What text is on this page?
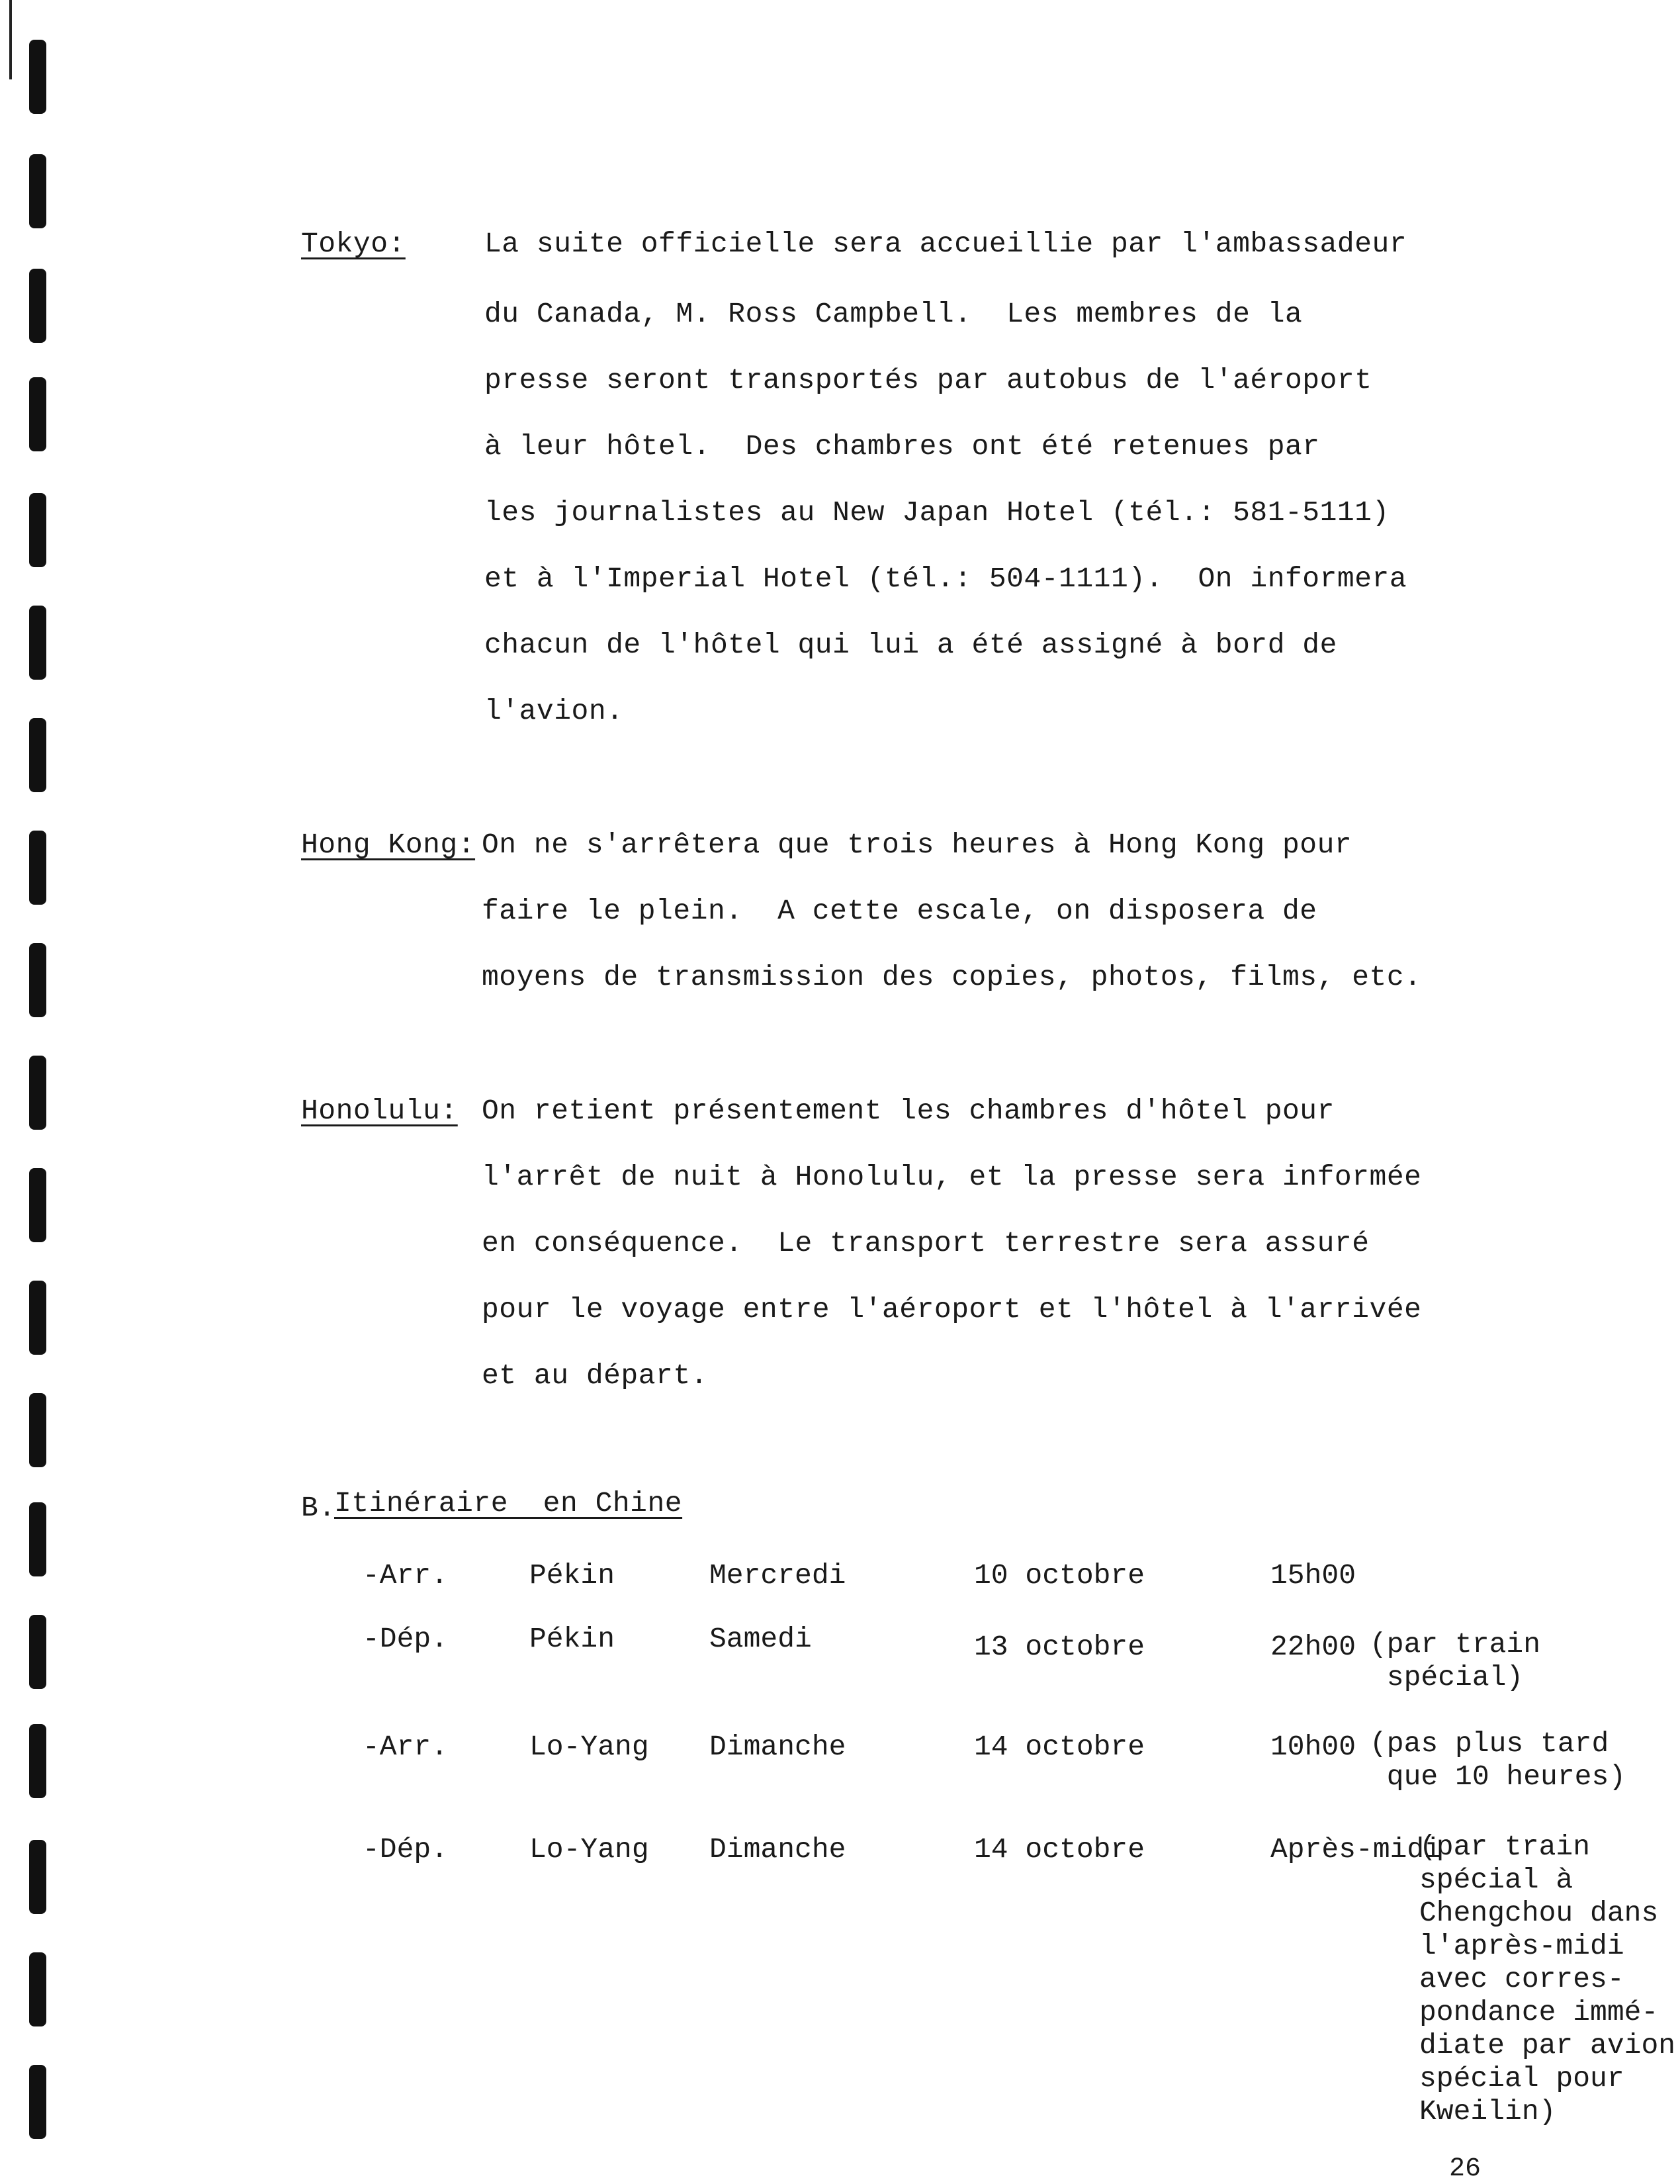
Tokyo:	La suite officielle sera accueillie par l'ambassadeur
du Canada, M. Ross Campbell.  Les membres de la
presse seront transportés par autobus de l'aéroport
à leur hôtel.  Des chambres ont été retenues par
les journalistes au New Japan Hotel (tél.: 581-5111)
et à l'Imperial Hotel (tél.: 504-1111).  On informera
chacun de l'hôtel qui lui a été assigné à bord de
l'avion.
Hong Kong: On ne s'arrêtera que trois heures à Hong Kong pour
faire le plein.  A cette escale, on disposera de
moyens de transmission des copies, photos, films, etc.
Honolulu: On retient présentement les chambres d'hôtel pour
l'arrêt de nuit à Honolulu, et la presse sera informée
en conséquence.  Le transport terrestre sera assuré
pour le voyage entre l'aéroport et l'hôtel à l'arrivée
et au départ.
B.
Itinéraire  en Chine
-Arr.	Pékin	Mercredi	10 octobre	15h00
-Dép.	Pékin	Samedi	13 octobre	22h00 (par train
spécial)
-Arr.	Lo-Yang Dimanche	14 octobre	10h00 (pas plus tard
que 10 heures)
-Dép.	Lo-Yang Dimanche	14 octobre	Après-midi
(par train
spécial à
Chengchou dans
l'après-midi
avec corres-
pondance immé-
diate par avion
spécial pour
Kweilin)
26
